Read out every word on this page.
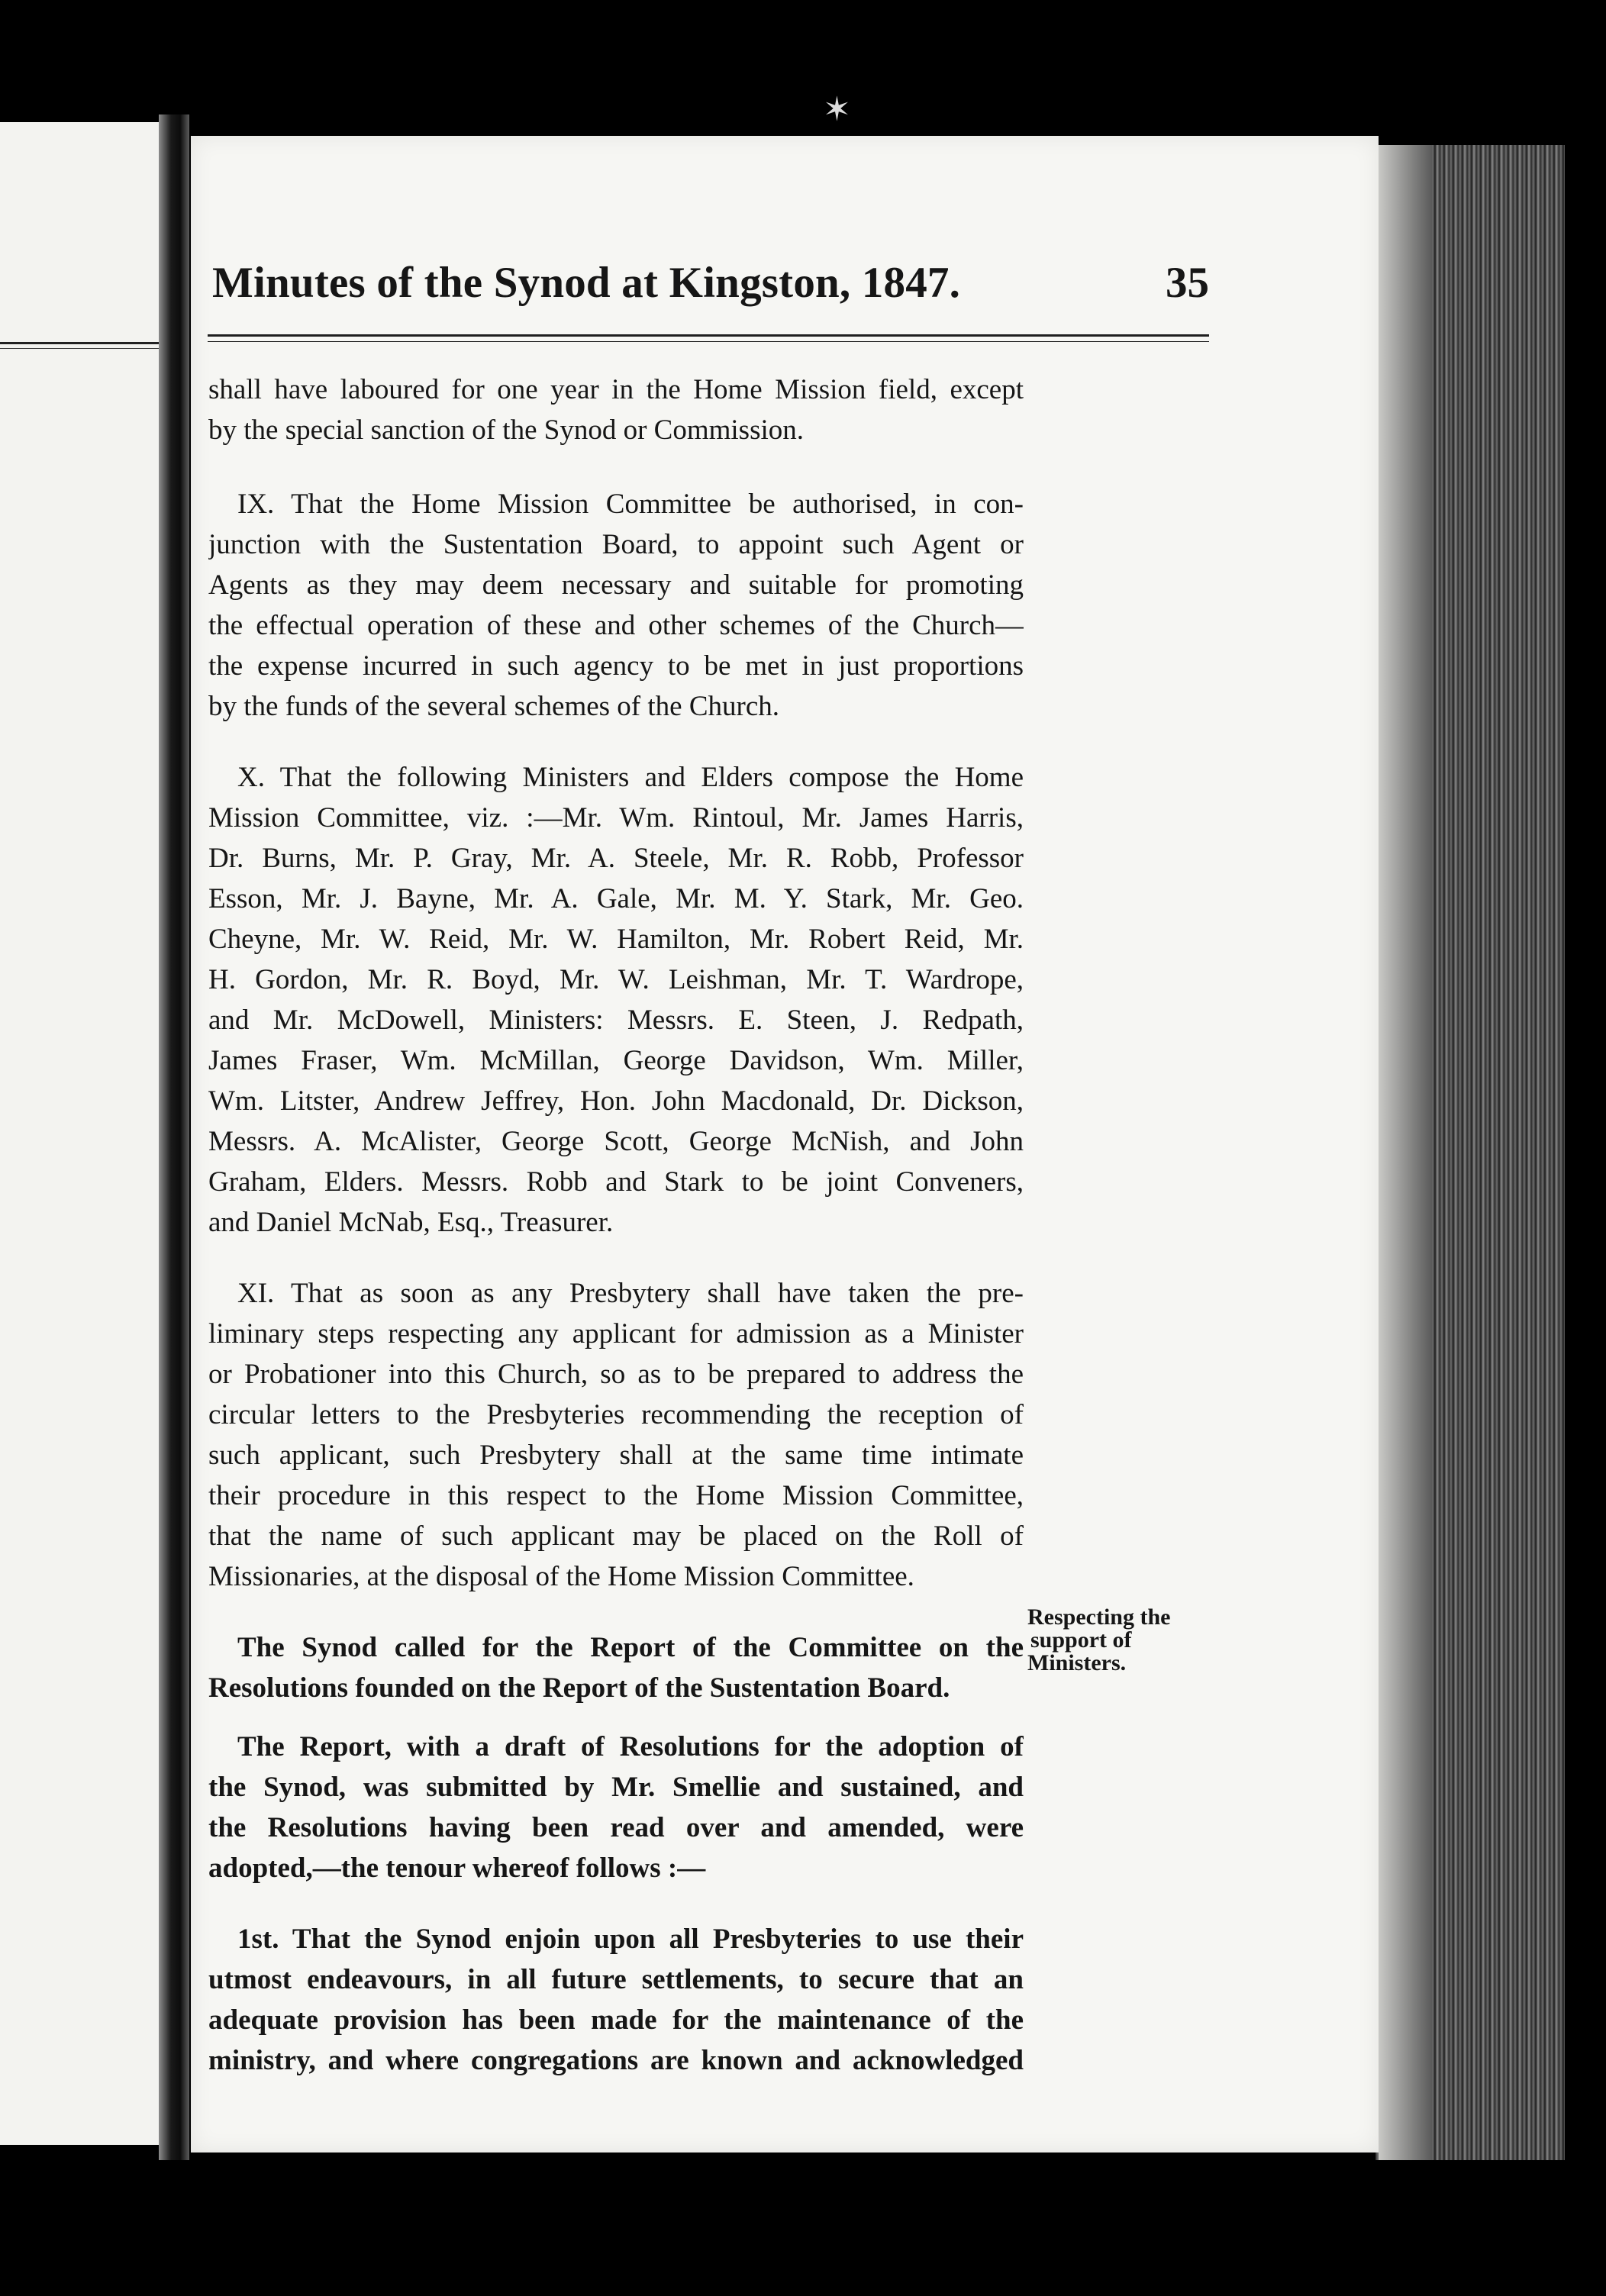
✶
Minutes of the Synod at Kingston, 1847.	35
shall have laboured for one year in the Home Mission field, except
by the special sanction of the Synod or Commission.
IX. That the Home Mission Committee be authorised, in con-
junction with the Sustentation Board, to appoint such Agent or
Agents as they may deem necessary and suitable for promoting
the effectual operation of these and other schemes of the Church—
the expense incurred in such agency to be met in just proportions
by the funds of the several schemes of the Church.
X. That the following Ministers and Elders compose the Home
Mission Committee, viz. :—Mr. Wm. Rintoul, Mr. James Harris,
Dr. Burns, Mr. P. Gray, Mr. A. Steele, Mr. R. Robb, Professor
Esson, Mr. J. Bayne, Mr. A. Gale, Mr. M. Y. Stark, Mr. Geo.
Cheyne, Mr. W. Reid, Mr. W. Hamilton, Mr. Robert Reid, Mr.
H. Gordon, Mr. R. Boyd, Mr. W. Leishman, Mr. T. Wardrope,
and Mr. McDowell, Ministers: Messrs. E. Steen, J. Redpath,
James Fraser, Wm. McMillan, George Davidson, Wm. Miller,
Wm. Litster, Andrew Jeffrey, Hon. John Macdonald, Dr. Dickson,
Messrs. A. McAlister, George Scott, George McNish, and John
Graham, Elders. Messrs. Robb and Stark to be joint Conveners,
and Daniel McNab, Esq., Treasurer.
XI. That as soon as any Presbytery shall have taken the pre-
liminary steps respecting any applicant for admission as a Minister
or Probationer into this Church, so as to be prepared to address the
circular letters to the Presbyteries recommending the reception of
such applicant, such Presbytery shall at the same time intimate
their procedure in this respect to the Home Mission Committee,
that the name of such applicant may be placed on the Roll of
Missionaries, at the disposal of the Home Mission Committee.
The Synod called for the Report of the Committee on the
Resolutions founded on the Report of the Sustentation Board.
The Report, with a draft of Resolutions for the adoption of
the Synod, was submitted by Mr. Smellie and sustained, and
the Resolutions having been read over and amended, were
adopted,—the tenour whereof follows :—
1st. That the Synod enjoin upon all Presbyteries to use their
utmost endeavours, in all future settlements, to secure that an
adequate provision has been made for the maintenance of the
ministry, and where congregations are known and acknowledged
Respecting the
support of
Ministers.
